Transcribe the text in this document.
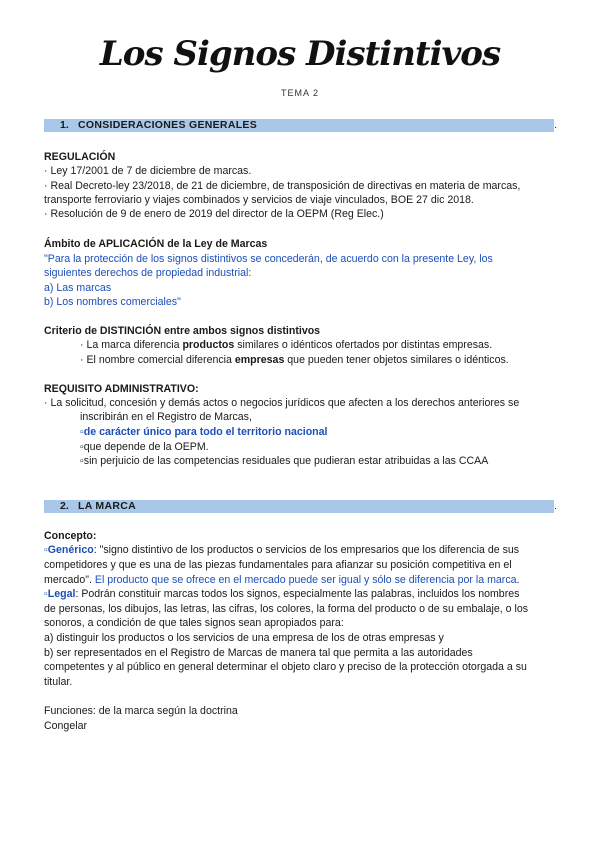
Los Signos Distintivos
TEMA 2
1. CONSIDERACIONES GENERALES	.
REGULACIÓN
· Ley 17/2001 de 7 de diciembre de marcas.
· Real Decreto-ley 23/2018, de 21 de diciembre, de transposición de directivas en materia de marcas,
transporte ferroviario y viajes combinados y servicios de viaje vinculados, BOE 27 dic 2018.
· Resolución de 9 de enero de 2019 del director de la OEPM (Reg Elec.)
Ámbito de APLICACIÓN de la Ley de Marcas
"Para la protección de los signos distintivos se concederán, de acuerdo con la presente Ley, los
siguientes derechos de propiedad industrial:
a) Las marcas
b) Los nombres comerciales"
Criterio de DISTINCIÓN entre ambos signos distintivos
· La marca diferencia productos similares o idénticos ofertados por distintas empresas.
· El nombre comercial diferencia empresas que pueden tener objetos similares o idénticos.
REQUISITO ADMINISTRATIVO:
· La solicitud, concesión y demás actos o negocios jurídicos que afecten a los derechos anteriores se
inscribirán en el Registro de Marcas,
▫de carácter único para todo el territorio nacional
▫que depende de la OEPM.
▫sin perjuicio de las competencias residuales que pudieran estar atribuidas a las CCAA
2. LA MARCA	.
Concepto:
▫Genérico: "signo distintivo de los productos o servicios de los empresarios que los diferencia de sus
competidores y que es una de las piezas fundamentales para afianzar su posición competitiva en el
mercado". El producto que se ofrece en el mercado puede ser igual y sólo se diferencia por la marca.
▫Legal: Podrán constituir marcas todos los signos, especialmente las palabras, incluidos los nombres
de personas, los dibujos, las letras, las cifras, los colores, la forma del producto o de su embalaje, o los
sonoros, a condición de que tales signos sean apropiados para:
a) distinguir los productos o los servicios de una empresa de los de otras empresas y
b) ser representados en el Registro de Marcas de manera tal que permita a las autoridades
competentes y al público en general determinar el objeto claro y preciso de la protección otorgada a su
titular.
Funciones: de la marca según la doctrina
Congelar
